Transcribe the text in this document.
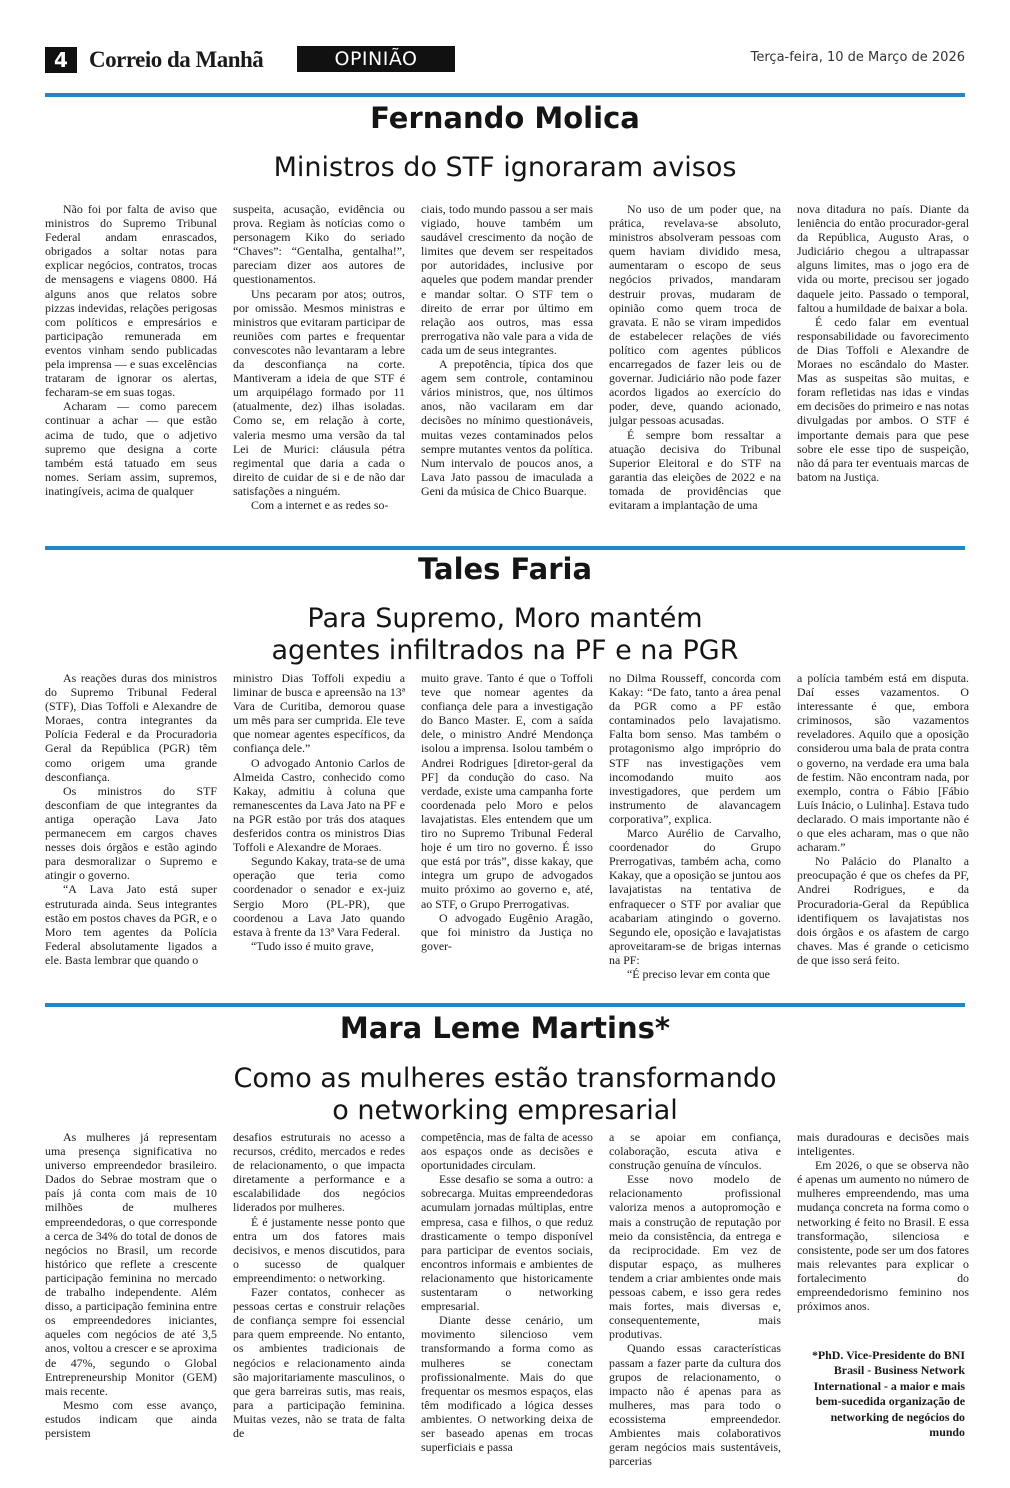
4 Correio da Manhã	OPINIÃO	Terça-feira, 10 de Março de 2026
Fernando Molica
Ministros do STF ignoraram avisos

Não foi por falta de aviso que ministros do Supremo Tribunal Federal andam enrascados, obrigados a soltar notas para explicar negócios, contratos, trocas de mensagens e viagens 0800. Há alguns anos que relatos sobre pizzas indevidas, relações perigosas com políticos e empresários e participação remunerada em eventos vinham sendo publicadas pela imprensa — e suas excelências trataram de ignorar os alertas, fecharam-se em suas togas.

Acharam — como parecem continuar a achar — que estão acima de tudo, que o adjetivo supremo que designa a corte também está tatuado em seus nomes. Seriam assim, supremos, inatingíveis, acima de qualquer

suspeita, acusação, evidência ou prova. Regiam às notícias como o personagem Kiko do seriado “Chaves”: “Gentalha, gentalha!”, pareciam dizer aos autores de questionamentos.

Uns pecaram por atos; outros, por omissão. Mesmos ministras e ministros que evitaram participar de reuniões com partes e frequentar convescotes não levantaram a lebre da desconfiança na corte. Mantiveram a ideia de que STF é um arquipélago formado por 11 (atualmente, dez) ilhas isoladas. Como se, em relação à corte, valeria mesmo uma versão da tal Lei de Murici: cláusula pétra regimental que daria a cada o direito de cuidar de si e de não dar satisfações a ninguém.

Com a internet e as redes so-

ciais, todo mundo passou a ser mais vigiado, houve também um saudável crescimento da noção de limites que devem ser respeitados por autoridades, inclusive por aqueles que podem mandar prender e mandar soltar. O STF tem o direito de errar por último em relação aos outros, mas essa prerrogativa não vale para a vida de cada um de seus integrantes.

A prepotência, típica dos que agem sem controle, contaminou vários ministros, que, nos últimos anos, não vacilaram em dar decisões no mínimo questionáveis, muitas vezes contaminados pelos sempre mutantes ventos da política. Num intervalo de poucos anos, a Lava Jato passou de imaculada a Geni da música de Chico Buarque.

No uso de um poder que, na prática, revelava-se absoluto, ministros absolveram pessoas com quem haviam dividido mesa, aumentaram o escopo de seus negócios privados, mandaram destruir provas, mudaram de opinião como quem troca de gravata. E não se viram impedidos de estabelecer relações de viés político com agentes públicos encarregados de fazer leis ou de governar. Judiciário não pode fazer acordos ligados ao exercício do poder, deve, quando acionado, julgar pessoas acusadas.

É sempre bom ressaltar a atuação decisiva do Tribunal Superior Eleitoral e do STF na garantia das eleições de 2022 e na tomada de providências que evitaram a implantação de uma

nova ditadura no país. Diante da leniência do então procurador-geral da República, Augusto Aras, o Judiciário chegou a ultrapassar alguns limites, mas o jogo era de vida ou morte, precisou ser jogado daquele jeito. Passado o temporal, faltou a humildade de baixar a bola.

É cedo falar em eventual responsabilidade ou favorecimento de Dias Toffoli e Alexandre de Moraes no escândalo do Master. Mas as suspeitas são muitas, e foram refletidas nas idas e vindas em decisões do primeiro e nas notas divulgadas por ambos. O STF é importante demais para que pese sobre ele esse tipo de suspeição, não dá para ter eventuais marcas de batom na Justiça.

Tales Faria
Para Supremo, Moro mantém
agentes infiltrados na PF e na PGR

As reações duras dos ministros do Supremo Tribunal Federal (STF), Dias Toffoli e Alexandre de Moraes, contra integrantes da Polícia Federal e da Procuradoria Geral da República (PGR) têm como origem uma grande desconfiança.

Os ministros do STF desconfiam de que integrantes da antiga operação Lava Jato permanecem em cargos chaves nesses dois órgãos e estão agindo para desmoralizar o Supremo e atingir o governo.

“A Lava Jato está super estruturada ainda. Seus integrantes estão em postos chaves da PGR, e o Moro tem agentes da Polícia Federal absolutamente ligados a ele. Basta lembrar que quando o

ministro Dias Toffoli expediu a liminar de busca e apreensão na 13ª Vara de Curitiba, demorou quase um mês para ser cumprida. Ele teve que nomear agentes específicos, da confiança dele.”

O advogado Antonio Carlos de Almeida Castro, conhecido como Kakay, admitiu à coluna que remanescentes da Lava Jato na PF e na PGR estão por trás dos ataques desferidos contra os ministros Dias Toffoli e Alexandre de Moraes.

Segundo Kakay, trata-se de uma operação que teria como coordenador o senador e ex-juiz Sergio Moro (PL-PR), que coordenou a Lava Jato quando estava à frente da 13ª Vara Federal.

“Tudo isso é muito grave,

muito grave. Tanto é que o Toffoli teve que nomear agentes da confiança dele para a investigação do Banco Master. E, com a saída dele, o ministro André Mendonça isolou a imprensa. Isolou também o Andrei Rodrigues [diretor-geral da PF] da condução do caso. Na verdade, existe uma campanha forte coordenada pelo Moro e pelos lavajatistas. Eles entendem que um tiro no Supremo Tribunal Federal hoje é um tiro no governo. É isso que está por trás”, disse kakay, que integra um grupo de advogados muito próximo ao governo e, até, ao STF, o Grupo Prerrogativas.

O advogado Eugênio Aragão, que foi ministro da Justiça no gover-

no Dilma Rousseff, concorda com Kakay: “De fato, tanto a área penal da PGR como a PF estão contaminados pelo lavajatismo. Falta bom senso. Mas também o protagonismo algo impróprio do STF nas investigações vem incomodando muito aos investigadores, que perdem um instrumento de alavancagem corporativa”, explica.

Marco Aurélio de Carvalho, coordenador do Grupo Prerrogativas, também acha, como Kakay, que a oposição se juntou aos lavajatistas na tentativa de enfraquecer o STF por avaliar que acabariam atingindo o governo. Segundo ele, oposição e lavajatistas aproveitaram-se de brigas internas na PF:

“É preciso levar em conta que

a polícia também está em disputa. Daí esses vazamentos. O interessante é que, embora criminosos, são vazamentos reveladores. Aquilo que a oposição considerou uma bala de prata contra o governo, na verdade era uma bala de festim. Não encontram nada, por exemplo, contra o Fábio [Fábio Luís Inácio, o Lulinha]. Estava tudo declarado. O mais importante não é o que eles acharam, mas o que não acharam.”

No Palácio do Planalto a preocupação é que os chefes da PF, Andrei Rodrigues, e da Procuradoria-Geral da República identifiquem os lavajatistas nos dois órgãos e os afastem de cargo chaves. Mas é grande o ceticismo de que isso será feito.

Mara Leme Martins*
Como as mulheres estão transformando
o networking empresarial

As mulheres já representam uma presença significativa no universo empreendedor brasileiro. Dados do Sebrae mostram que o país já conta com mais de 10 milhões de mulheres empreendedoras, o que corresponde a cerca de 34% do total de donos de negócios no Brasil, um recorde histórico que reflete a crescente participação feminina no mercado de trabalho independente. Além disso, a participação feminina entre os empreendedores iniciantes, aqueles com negócios de até 3,5 anos, voltou a crescer e se aproxima de 47%, segundo o Global Entrepreneurship Monitor (GEM) mais recente.

Mesmo com esse avanço, estudos indicam que ainda persistem

desafios estruturais no acesso a recursos, crédito, mercados e redes de relacionamento, o que impacta diretamente a performance e a escalabilidade dos negócios liderados por mulheres.

É é justamente nesse ponto que entra um dos fatores mais decisivos, e menos discutidos, para o sucesso de qualquer empreendimento: o networking.

Fazer contatos, conhecer as pessoas certas e construir relações de confiança sempre foi essencial para quem empreende. No entanto, os ambientes tradicionais de negócios e relacionamento ainda são majoritariamente masculinos, o que gera barreiras sutis, mas reais, para a participação feminina. Muitas vezes, não se trata de falta de

competência, mas de falta de acesso aos espaços onde as decisões e oportunidades circulam.

Esse desafio se soma a outro: a sobrecarga. Muitas empreendedoras acumulam jornadas múltiplas, entre empresa, casa e filhos, o que reduz drasticamente o tempo disponível para participar de eventos sociais, encontros informais e ambientes de relacionamento que historicamente sustentaram o networking empresarial.

Diante desse cenário, um movimento silencioso vem transformando a forma como as mulheres se conectam profissionalmente. Mais do que frequentar os mesmos espaços, elas têm modificado a lógica desses ambientes. O networking deixa de ser baseado apenas em trocas superficiais e passa

a se apoiar em confiança, colaboração, escuta ativa e construção genuína de vínculos.

Esse novo modelo de relacionamento profissional valoriza menos a autopromoção e mais a construção de reputação por meio da consistência, da entrega e da reciprocidade. Em vez de disputar espaço, as mulheres tendem a criar ambientes onde mais pessoas cabem, e isso gera redes mais fortes, mais diversas e, consequentemente, mais produtivas.

Quando essas características passam a fazer parte da cultura dos grupos de relacionamento, o impacto não é apenas para as mulheres, mas para todo o ecossistema empreendedor. Ambientes mais colaborativos geram negócios mais sustentáveis, parcerias

mais duradouras e decisões mais inteligentes.

Em 2026, o que se observa não é apenas um aumento no número de mulheres empreendendo, mas uma mudança concreta na forma como o networking é feito no Brasil. E essa transformação, silenciosa e consistente, pode ser um dos fatores mais relevantes para explicar o fortalecimento do empreendedorismo feminino nos próximos anos.

*PhD. Vice-Presidente do BNI Brasil - Business Network International - a maior e mais bem-sucedida organização de networking de negócios do mundo
